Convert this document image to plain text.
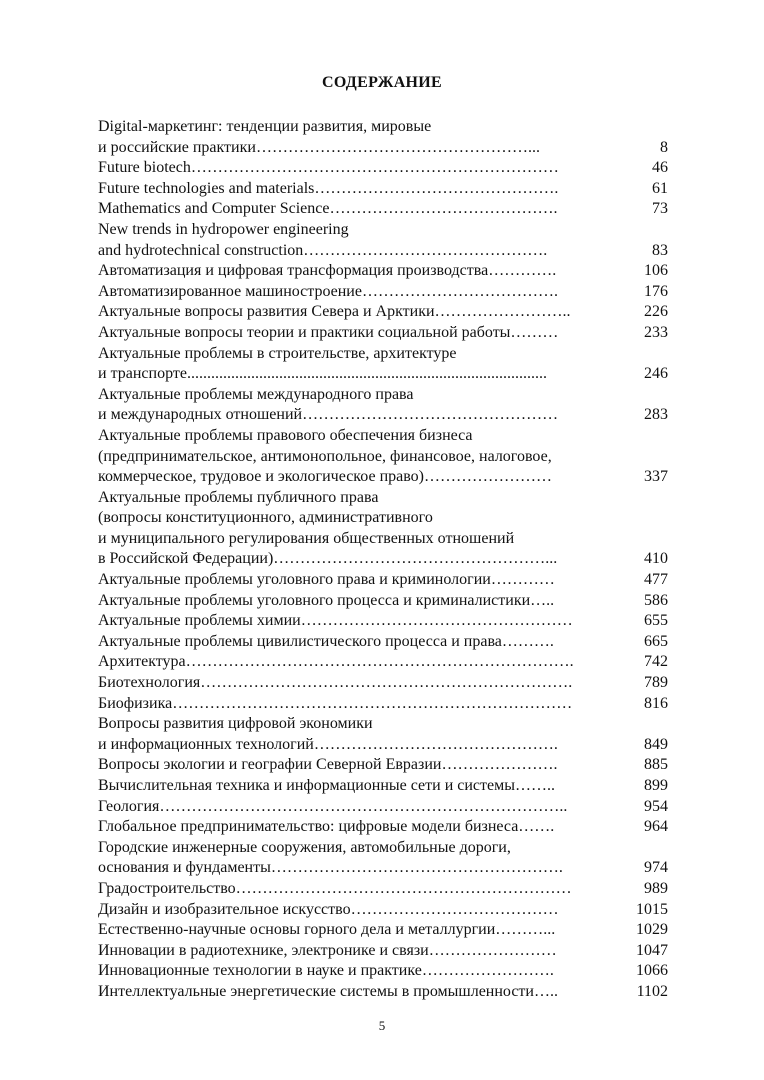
СОДЕРЖАНИЕ
Digital-маркетинг: тенденции развития, мировые
и российские практики……………………………………………...	8
Future biotech……………………………………………………………	46
Future technologies and materials……………………………………….	61
Mathematics and Computer Science…………………………………….	73
New trends in hydropower engineering
and hydrotechnical construction……………………………………….	83
Автоматизация и цифровая трансформация производства………….	106
Автоматизированное машиностроение……………………………….	176
Актуальные вопросы развития Севера и Арктики……………………..	226
Актуальные вопросы теории и практики социальной работы………	233
Актуальные проблемы в строительстве, архитектуре
и транспорте..........................................................................................	246
Актуальные проблемы международного права
и международных отношений…………………………………………	283
Актуальные проблемы правового обеспечения бизнеса
(предпринимательское, антимонопольное, финансовое, налоговое,
коммерческое, трудовое и экологическое право)……………………	337
Актуальные проблемы публичного права
(вопросы конституционного, административного
и муниципального регулирования общественных отношений
в Российской Федерации)……………………………………………...	410
Актуальные проблемы уголовного права и криминологии…………	477
Актуальные проблемы уголовного процесса и криминалистики…..	586
Актуальные проблемы химии……………………………………………	655
Актуальные проблемы цивилистического процесса и права……….	665
Архитектура……………………………………………………………….	742
Биотехнология…………………………………………………………….	789
Биофизика…………………………………………………………………	816
Вопросы развития цифровой экономики
и информационных технологий……………………………………….	849
Вопросы экологии и географии Северной Евразии………………….	885
Вычислительная техника и информационные сети и системы……..	899
Геология…………………………………………………………………..	954
Глобальное предпринимательство: цифровые модели бизнеса…….	964
Городские инженерные сооружения, автомобильные дороги,
основания и фундаменты……………………………………………….	974
Градостроительство………………………………………………………	989
Дизайн и изобразительное искусство…………………………………	1015
Естественно-научные основы горного дела и металлургии………...	1029
Инновации в радиотехнике, электронике и связи……………………	1047
Инновационные технологии в науке и практике…………………….	1066
Интеллектуальные энергетические системы в промышленности…..	1102
5
